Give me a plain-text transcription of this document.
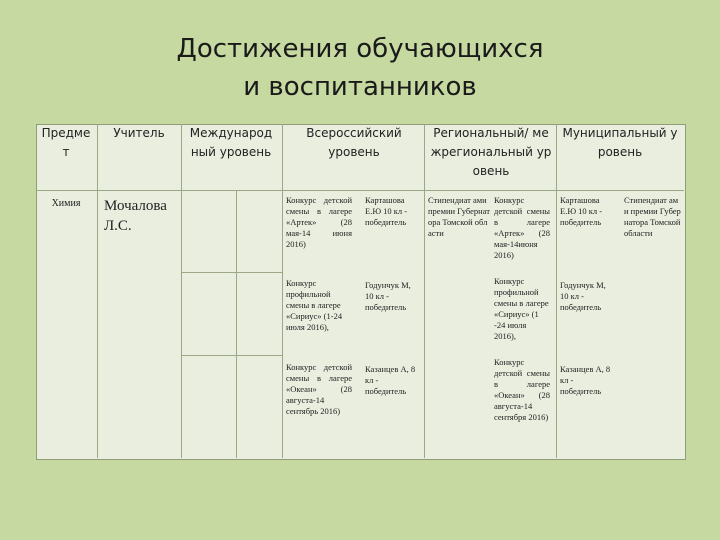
Достижения обучающихся
и воспитанников
Предмет
Учитель	Международный уровень
Всероссийский уровень
Региональный/ межрегиональный уровень
Муниципальный уровень
Химия	Мочалова Л.С.
Конкурс детской смены в лагере «Артек» (28 мая-14 июня 2016)
Конкурс профильной смены в лагере «Сириус» (1-24 июля 2016),
Конкурс детской смены в лагере «Океан» (28 августа-14 сентябрь 2016)
Карташова Е.Ю 10 кл - победитель
Годунчук М, 10 кл - победитель
Казанцев А, 8 кл - победитель
Стипендиат ами премии Губернатора Томской области
Конкурс детской смены в лагере «Артек» (28 мая-14июня 2016)
Конкурс профильной смены в лагере «Сириус» (1 -24 июля 2016),
Конкурс детской смены в лагере «Океан» (28 августа-14 сентября 2016)
Карташова Е.Ю 10 кл - победитель
Годунчук М, 10 кл - победитель
Казанцев А, 8 кл - победитель
Стипендиат ами премии Губернатора Томской области
